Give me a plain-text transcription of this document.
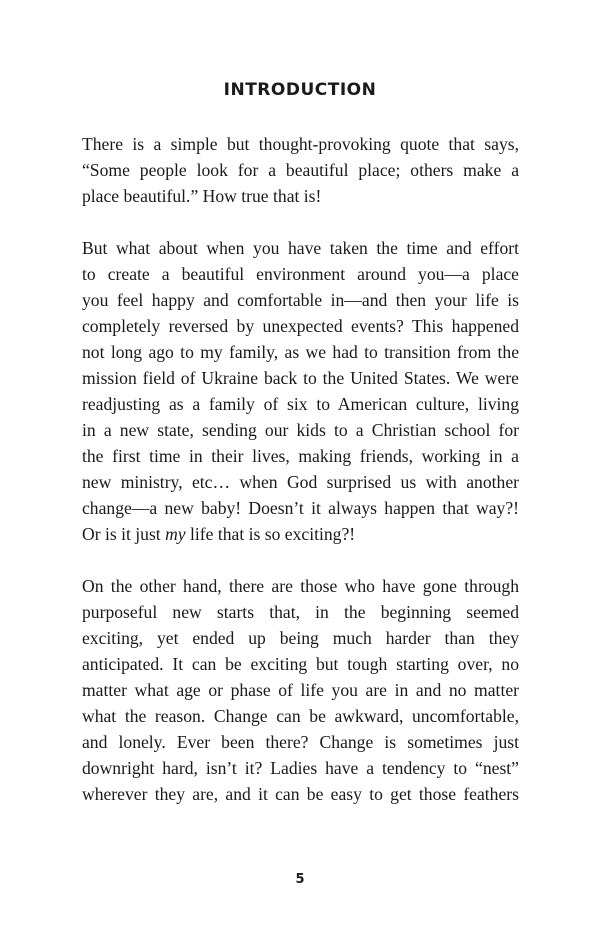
INTRODUCTION

There is a simple but thought-provoking quote that says,
“Some people look for a beautiful place; others make a
place beautiful.” How true that is!

But what about when you have taken the time and effort
to create a beautiful environment around you—a place
you feel happy and comfortable in—and then your life is
completely reversed by unexpected events? This happened
not long ago to my family, as we had to transition from the
mission field of Ukraine back to the United States. We were
readjusting as a family of six to American culture, living
in a new state, sending our kids to a Christian school for
the first time in their lives, making friends, working in a
new ministry, etc… when God surprised us with another
change—a new baby! Doesn’t it always happen that way?!
Or is it just my life that is so exciting?!

On the other hand, there are those who have gone through
purposeful new starts that, in the beginning seemed
exciting, yet ended up being much harder than they
anticipated. It can be exciting but tough starting over, no
matter what age or phase of life you are in and no matter
what the reason. Change can be awkward, uncomfortable,
and lonely. Ever been there? Change is sometimes just
downright hard, isn’t it? Ladies have a tendency to “nest”
wherever they are, and it can be easy to get those feathers

5
